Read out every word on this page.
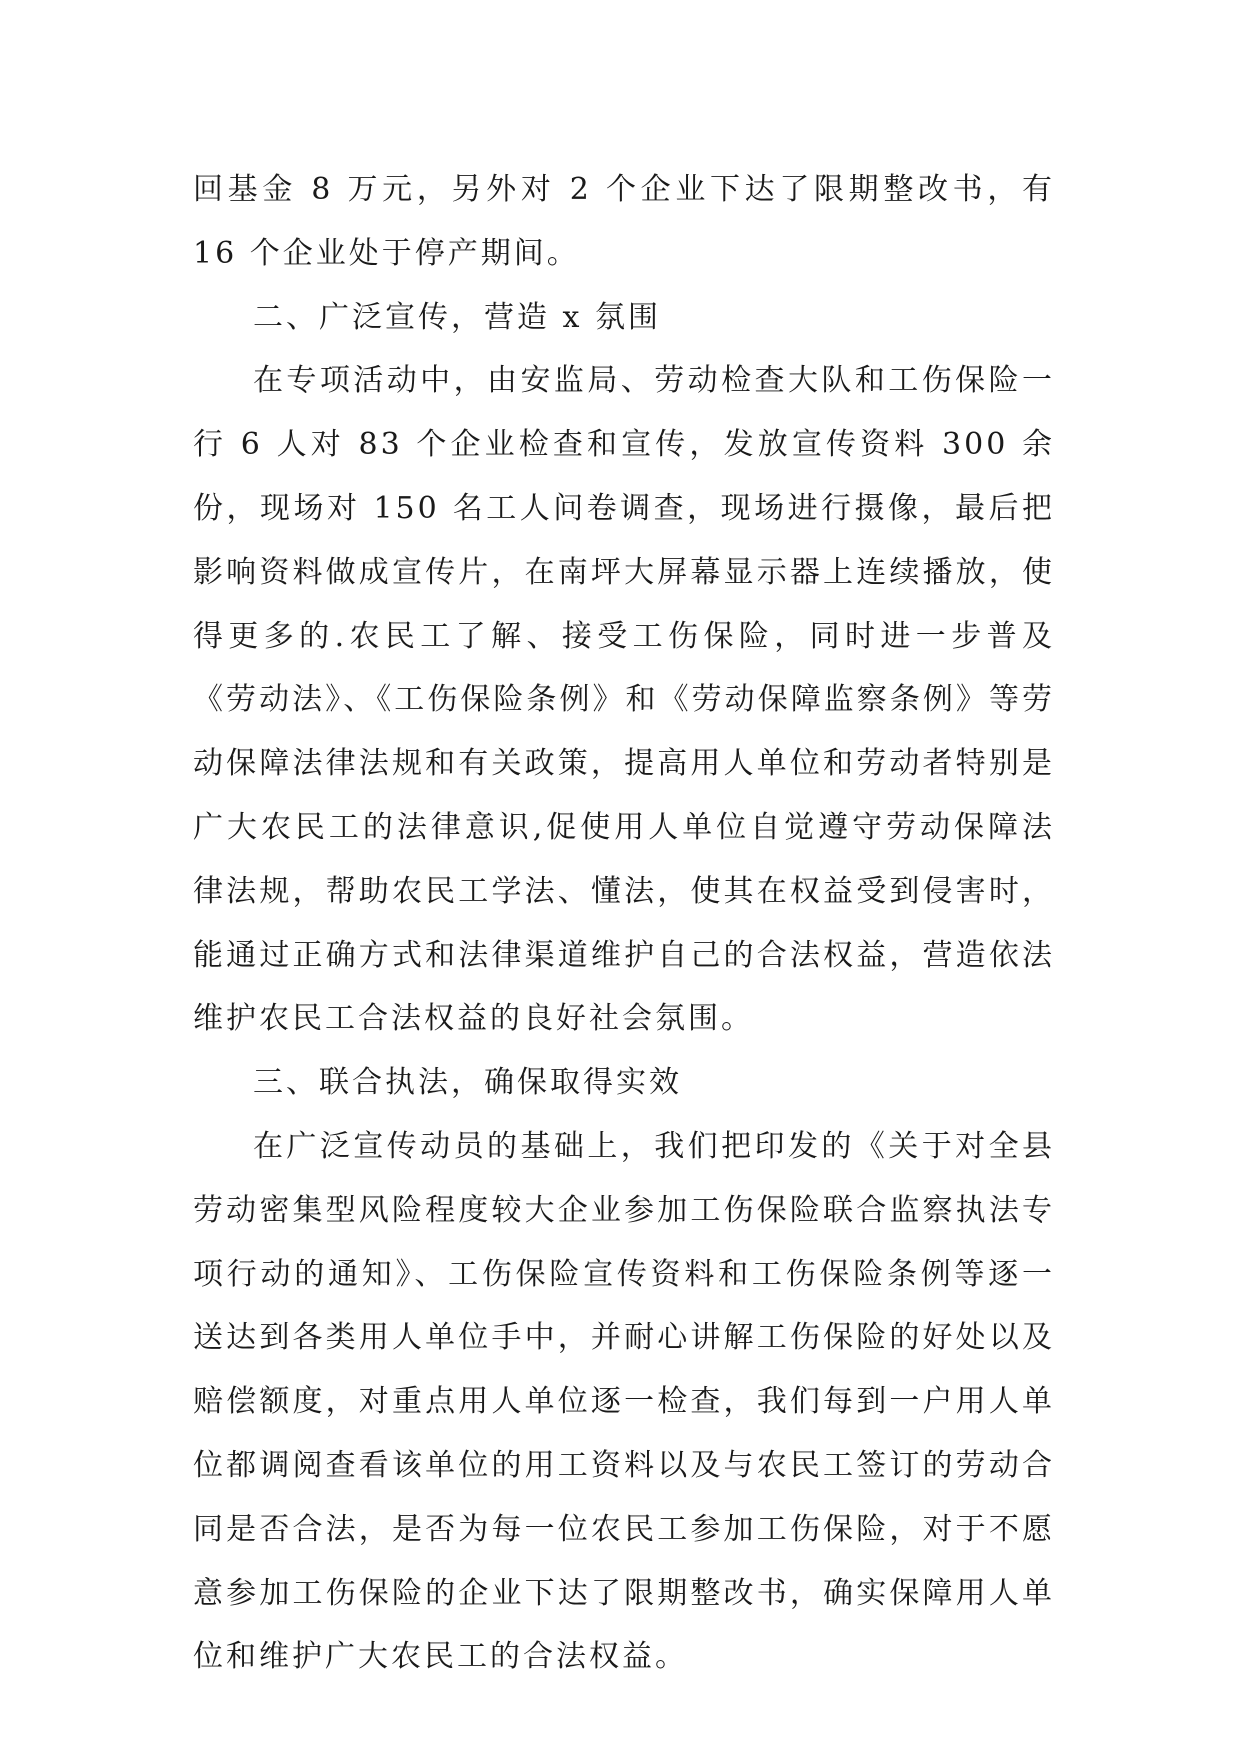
回基金 8 万元，另外对 2 个企业下达了限期整改书，有 16 个企业处于停产期间。

二、广泛宣传，营造 x 氛围

在专项活动中，由安监局、劳动检查大队和工伤保险一行 6 人对 83 个企业检查和宣传，发放宣传资料 300 余份，现场对 150 名工人问卷调查，现场进行摄像，最后把影响资料做成宣传片，在南坪大屏幕显示器上连续播放，使得更多的.农民工了解、接受工伤保险，同时进一步普及《劳动法》、《工伤保险条例》和《劳动保障监察条例》等劳动保障法律法规和有关政策，提高用人单位和劳动者特别是广大农民工的法律意识,促使用人单位自觉遵守劳动保障法律法规，帮助农民工学法、懂法，使其在权益受到侵害时，能通过正确方式和法律渠道维护自己的合法权益，营造依法维护农民工合法权益的良好社会氛围。

三、联合执法，确保取得实效

在广泛宣传动员的基础上，我们把印发的《关于对全县劳动密集型风险程度较大企业参加工伤保险联合监察执法专项行动的通知》、工伤保险宣传资料和工伤保险条例等逐一送达到各类用人单位手中，并耐心讲解工伤保险的好处以及赔偿额度，对重点用人单位逐一检查，我们每到一户用人单位都调阅查看该单位的用工资料以及与农民工签订的劳动合同是否合法，是否为每一位农民工参加工伤保险，对于不愿意参加工伤保险的企业下达了限期整改书，确实保障用人单位和维护广大农民工的合法权益。
